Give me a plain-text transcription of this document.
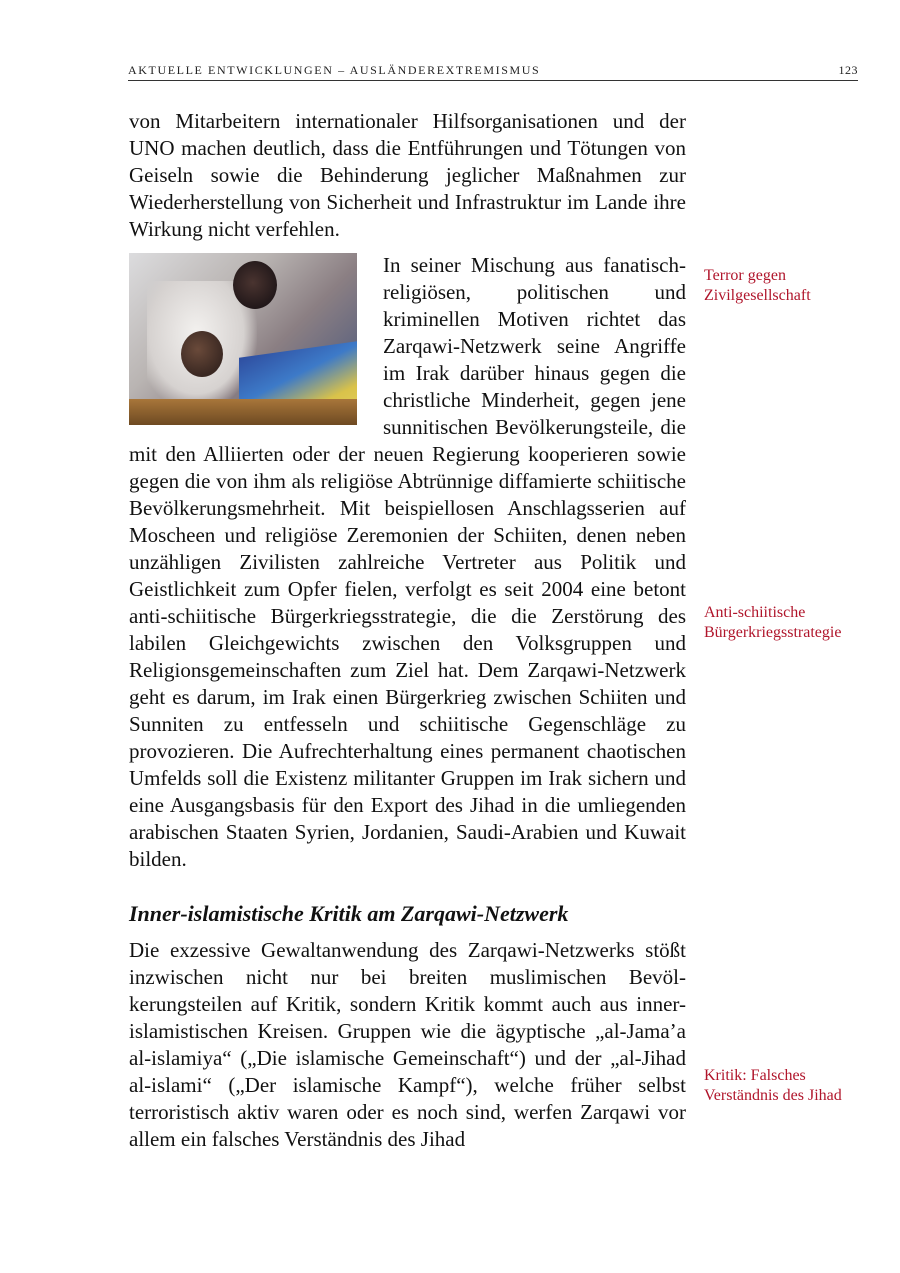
AKTUELLE ENTWICKLUNGEN – AUSLÄNDEREXTREMISMUS	123

von Mitarbeitern internationaler Hilfsorganisationen und der UNO machen deutlich, dass die Entführungen und Tötungen von Geiseln sowie die Behinderung jeglicher Maßnahmen zur Wiederherstellung von Sicherheit und Infrastruktur im Lande ihre Wirkung nicht verfehlen.

In seiner Mischung aus fanatisch-religiösen, politischen und kriminellen Motiven richtet das Zarqawi-Netzwerk seine Angriffe im Irak darüber hinaus gegen die christliche Minderheit, gegen jene sunnitischen Bevölkerungsteile, die mit den Alliierten oder der neuen Regierung kooperieren sowie gegen die von ihm als religiöse Abtrünnige diffamierte schiitische Bevölkerungsmehrheit. Mit beispiellosen Anschlagsserien auf Moscheen und religiöse Zeremonien der Schiiten, denen neben unzähligen Zivilisten zahlreiche Vertreter aus Politik und Geistlichkeit zum Opfer fielen, verfolgt es seit 2004 eine betont anti-schiitische Bürgerkriegsstrategie, die die Zerstörung des labilen Gleichgewichts zwischen den Volksgruppen und Religionsgemeinschaften zum Ziel hat. Dem Zarqawi-Netzwerk geht es darum, im Irak einen Bürgerkrieg zwischen Schiiten und Sunniten zu entfesseln und schiitische Gegenschläge zu provozieren. Die Aufrechterhaltung eines permanent chaotischen Umfelds soll die Existenz militanter Gruppen im Irak sichern und eine Ausgangsbasis für den Export des Jihad in die umliegenden arabischen Staaten Syrien, Jordanien, Saudi-Arabien und Kuwait bilden.

Inner-islamistische Kritik am Zarqawi-Netzwerk

Die exzessive Gewaltanwendung des Zarqawi-Netzwerks stößt inzwischen nicht nur bei breiten muslimischen Bevölkerungsteilen auf Kritik, sondern Kritik kommt auch aus inner-islamistischen Kreisen. Gruppen wie die ägyptische „al-Jama’a al-islamiya“ („Die islamische Gemeinschaft“) und der „al-Jihad al-islami“ („Der islamische Kampf“), welche früher selbst terroristisch aktiv waren oder es noch sind, werfen Zarqawi vor allem ein falsches Verständnis des Jihad

Terror gegen Zivilgesellschaft
Anti-schiitische Bürgerkriegsstrategie
Kritik: Falsches Verständnis des Jihad
